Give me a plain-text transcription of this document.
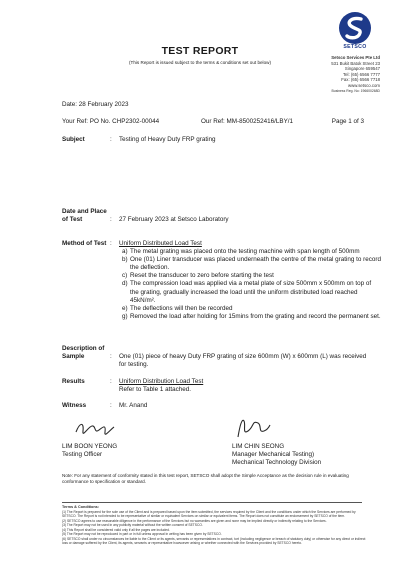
SETSCO
TEST REPORT
(This Report is issued subject to the terms & conditions set out below)
Setsco Services Pte Ltd
531 Bukit Batok Street 23
Singapore 659547
Tel: (65) 6566 7777
Fax: (65) 6566 7718
www.setsco.com
Business Reg. No: 196600268D
Date: 28 February 2023
Your Ref: PO No. CHP2302-00044	Our Ref: MM-8500252416/LBY/1	Page 1 of 3
Subject	: Testing of Heavy Duty FRP grating
Date and Place
of Test	: 27 February 2023 at Setsco Laboratory
Method of Test : Uniform Distributed Load Test
a) The metal grating was placed onto the testing machine with span length of 500mm
b) One (01) Liner transducer was placed underneath the centre of the metal grating to record the deflection.
c) Reset the transducer to zero before starting the test
d) The compression load was applied via a metal plate of size 500mm x 500mm on top of the grating, gradually increased the load until the uniform distributed load reached 45kN/m².
e) The deflections will then be recorded
g) Removed the load after holding for 15mins from the grating and record the permanent set.
Description of
Sample	: One (01) piece of heavy Duty FRP grating of size 600mm (W) x 600mm (L) was received for testing.
Results	: Uniform Distribution Load Test
Refer to Table 1 attached.
Witness	: Mr. Anand
LIM BOON YEONG
Testing Officer
LIM CHIN SEONG
Manager Mechanical Testing)
Mechanical Technology Division
Note: For any statement of conformity stated in this test report, SETSCO shall adopt the Simple Acceptance as the decision rule in evaluating conformance to specification or standard.
Terms & Conditions:
(1) The Report is prepared for the sole use of the Client and is prepared based upon the item submitted, the services required by the Client and the conditions under which the Services are performed by SETSCO. The Report is not intended to be representative of similar or equivalent Services on similar or equivalent items. The Report does not constitute an endorsement by SETSCO of the item.
(2) SETSCO agrees to use reasonable diligence in the performance of the Services but no warranties are given and none may be implied directly or indirectly relating to the Services.
(3) The Report may not be used in any publicity material without the written consent of SETSCO.
(4) This Report shall be considered valid only if all the pages are included.
(5) The Report may not be reproduced in part or in full unless approval in writing has been given by SETSCO.
(6) SETSCO shall under no circumstances be liable to the Client or its agents, servants or representatives in contract, tort (including negligence or breach of statutory duty) or otherwise for any direct or indirect loss or damage suffered by the Client, its agents, servants or representative howsoever arising or whether connected with the Services provided by SETSCO hereto.
